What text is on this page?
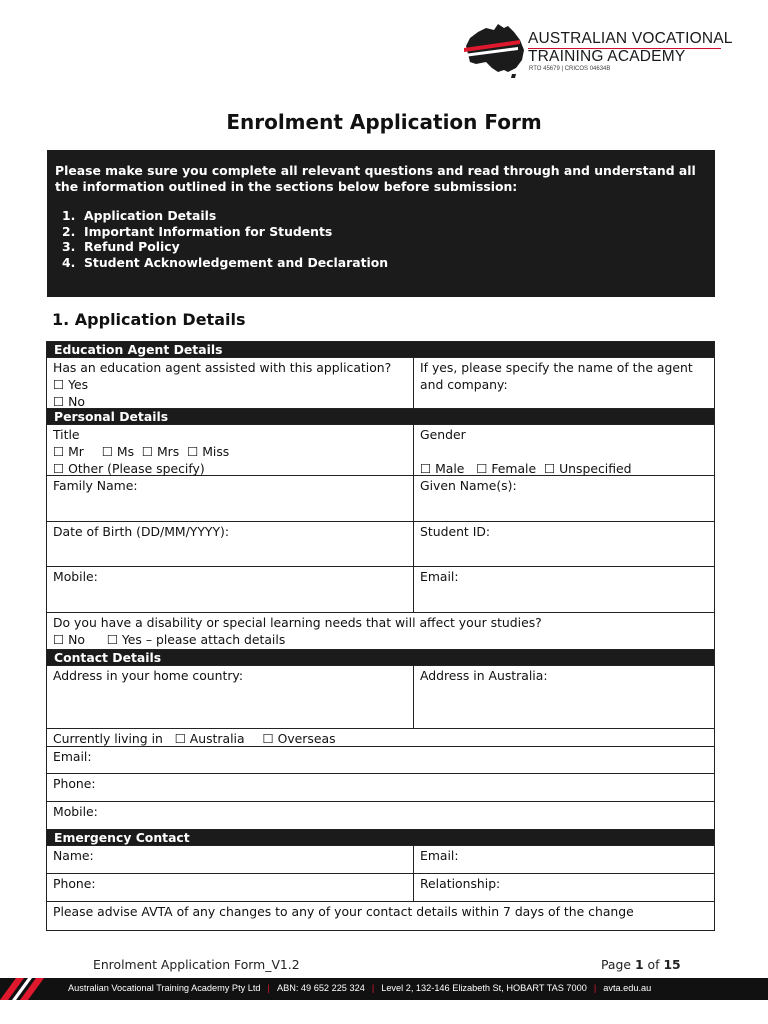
AUSTRALIAN VOCATIONAL
TRAINING ACADEMY
RTO 45679 | CRICOS 04634B
Enrolment Application Form

Please make sure you complete all relevant questions and read through and understand all the information outlined in the sections below before submission:

1. Application Details
2. Important Information for Students
3. Refund Policy
4. Student Acknowledgement and Declaration
1. Application Details
Education Agent Details
Has an education agent assisted with this application?
☐ Yes
☐ No
If yes, please specify the name of the agent and company:
Personal Details
Title
☐ Mr ☐ Ms ☐ Mrs ☐ Miss
☐ Other (Please specify)
Gender
☐ Male ☐ Female ☐ Unspecified
Family Name:	Given Name(s):
Date of Birth (DD/MM/YYYY):	Student ID:
Mobile:	Email:
Do you have a disability or special learning needs that will affect your studies?
☐ No ☐ Yes – please attach details
Contact Details
Address in your home country:	Address in Australia:
Currently living in ☐ Australia ☐ Overseas
Email:
Phone:
Mobile:
Emergency Contact
Name:	Email:
Phone:	Relationship:
Please advise AVTA of any changes to any of your contact details within 7 days of the change
Enrolment Application Form_V1.2	Page 1 of 15
Australian Vocational Training Academy Pty Ltd | ABN: 49 652 225 324 | Level 2, 132-146 Elizabeth St, HOBART TAS 7000 | avta.edu.au
